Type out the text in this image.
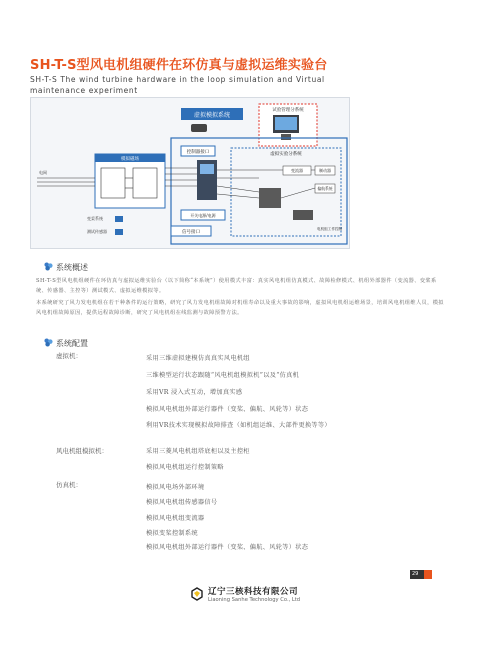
SH-T-S型风电机组硬件在环仿真与虚拟运维实验台
SH-T-S The wind turbine hardware in the loop simulation and Virtual maintenance experiment
虚拟模拟系统
试验管理分系统
模拟磁场
电网
控制器接口	虚拟实验分系统
变流器	制动器
偏航系统
电机组工作控制
开关电源/电源
信号接口
变桨系统
测试传感器
系统概述
SH-T-S型风电机组硬件在环仿真与虚拟运维实验台（以下简称“本系统”）使用模式丰富：真实风电机组仿真模式、故障检修模式、机组外部器件（变流器、变桨系统、传感器、主控等）测试模式、虚拟运维模拟等。
本系统研究了风力发电机组在若干种条件的运行策略，研究了风力发电机组故障对机组寿命以及重大事故的影响，虚拟风电机组运维场景，培训风电机组维人员，模拟风电机组故障原因，提供远程故障诊断，研究了风电机组在线监测与故障预警方法。
系统配置
虚拟机：	采用三维虚拟建模仿真真实风电机组
三维模型运行状态跟随“风电机组模拟机”以及“仿真机
采用VR 浸入式互动，增加真实感
模拟风电机组外部运行器件（变桨、偏航、风轮等）状态
利用VR技术实现模拟故障排查（如机组运维、大部件更换等等）
风电机组模拟机：	采用三菱风电机组塔底柜以及主控柜
模拟风电机组运行控制策略
仿真机：	模拟风电场外部环境
模拟风电机组传感器信号
模拟风电机组变流器
模拟变桨控制系统
模拟风电机组外部运行器件（变桨、偏航、风轮等）状态
29
辽宁三核科技有限公司
Liaoning Sanhe Technology Co., Ltd
